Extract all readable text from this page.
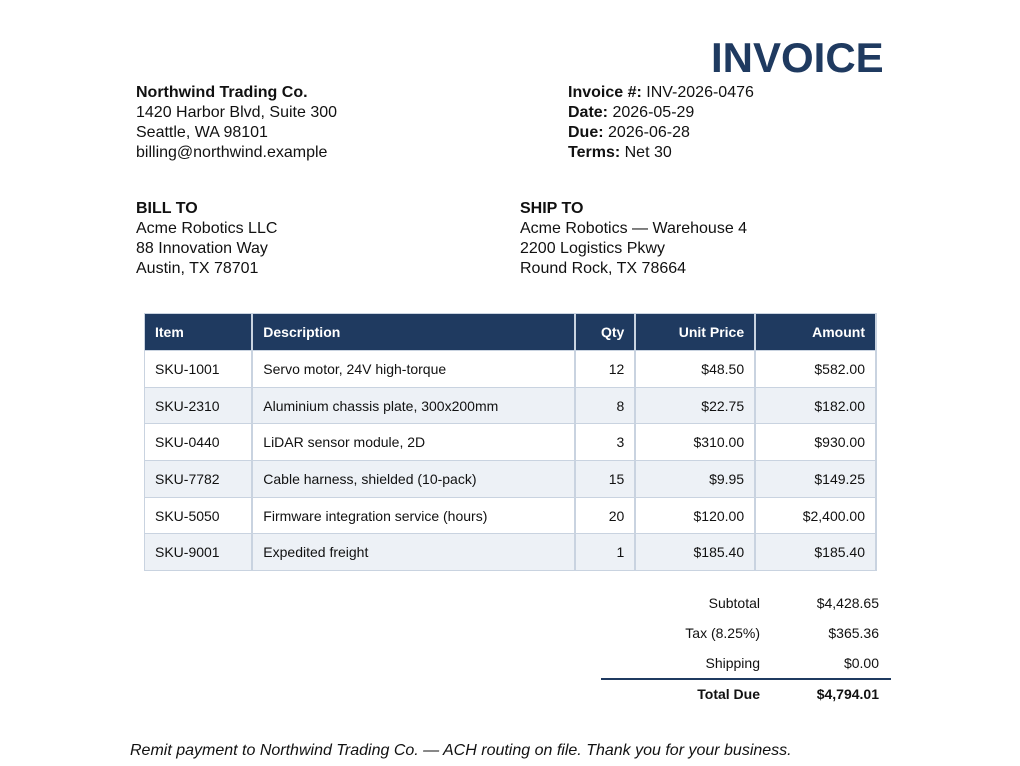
INVOICE
Northwind Trading Co.
1420 Harbor Blvd, Suite 300
Seattle, WA 98101
billing@northwind.example
Invoice #: INV-2026-0476
Date: 2026-05-29
Due: 2026-06-28
Terms: Net 30
BILL TO
Acme Robotics LLC
88 Innovation Way
Austin, TX 78701
SHIP TO
Acme Robotics — Warehouse 4
2200 Logistics Pkwy
Round Rock, TX 78664
Item	Description	Qty	Unit Price	Amount
SKU-1001	Servo motor, 24V high-torque	12	$48.50	$582.00
SKU-2310	Aluminium chassis plate, 300x200mm	8	$22.75	$182.00
SKU-0440	LiDAR sensor module, 2D	3	$310.00	$930.00
SKU-7782	Cable harness, shielded (10-pack)	15	$9.95	$149.25
SKU-5050	Firmware integration service (hours)	20	$120.00	$2,400.00
SKU-9001	Expedited freight	1	$185.40	$185.40
Subtotal	$4,428.65
Tax (8.25%)	$365.36
Shipping	$0.00
Total Due	$4,794.01
Remit payment to Northwind Trading Co. — ACH routing on file. Thank you for your business.
